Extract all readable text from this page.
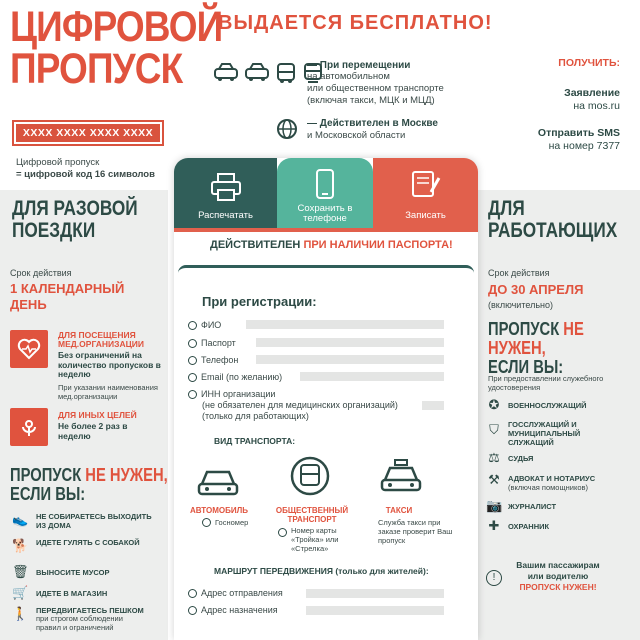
ЦИФРОВОЙ ПРОПУСК
XXXX XXXX XXXX XXXX
Цифровой пропуск
= цифровой код 16 символов
ВЫДАЕТСЯ БЕСПЛАТНО!
— При перемещении
на автомобильном
или общественном транспорте
(включая такси, МЦК и МЦД)
— Действителен в Москве
и Московской области
ПОЛУЧИТЬ:
Заявление
на mos.ru
Отправить SMS
на номер 7377
ДЛЯ РАЗОВОЙ ПОЕЗДКИ
Срок действия
1 КАЛЕНДАРНЫЙ ДЕНЬ
ДЛЯ ПОСЕЩЕНИЯ МЕД.ОРГАНИЗАЦИИ
Без ограничений на количество пропусков в неделю
При указании наименования мед.организации
ДЛЯ ИНЫХ ЦЕЛЕЙ
Не более 2 раз в неделю
ПРОПУСК НЕ НУЖЕН,
ЕСЛИ ВЫ:
👟 НЕ СОБИРАЕТЕСЬ ВЫХОДИТЬ ИЗ ДОМА
🐕 ИДЕТЕ ГУЛЯТЬ С СОБАКОЙ
🗑 ВЫНОСИТЕ МУСОР
🛒 ИДЕТЕ В МАГАЗИН
🚶 ПЕРЕДВИГАЕТЕСЬ ПЕШКОМ
при строгом соблюдении правил и ограничений
ДЛЯ РАБОТАЮЩИХ
Срок действия
ДО 30 АПРЕЛЯ
(включительно)
ПРОПУСК НЕ НУЖЕН,
ЕСЛИ ВЫ:
При предоставлении служебного удостоверения
✪	ВОЕННОСЛУЖАЩИЙ
⛉	ГОССЛУЖАЩИЙ И МУНИЦИПАЛЬНЫЙ СЛУЖАЩИЙ
⚖ СУДЬЯ
⚒ АДВОКАТ И НОТАРИУС
(включая помощников)
📷 ЖУРНАЛИСТ
✚	ОХРАННИК
!
Вашим пассажирам
или водителю
ПРОПУСК НУЖЕН!
Распечатать
Сохранить в телефоне	Записать
ДЕЙСТВИТЕЛЕН ПРИ НАЛИЧИИ ПАСПОРТА!
При регистрации:
ФИО
Паспорт
Телефон
Email (по желанию)
ИНН организации
(не обязателен для медицинских организаций)
(только для работающих)
ВИД ТРАНСПОРТА:
АВТОМОБИЛЬ
Госномер
ОБЩЕСТВЕННЫЙ ТРАНСПОРТ
Номер карты «Тройка» или «Стрелка»
ТАКСИ
Служба такси при заказе проверит Ваш пропуск
МАРШРУТ ПЕРЕДВИЖЕНИЯ (только для жителей):
Адрес отправления
Адрес назначения
